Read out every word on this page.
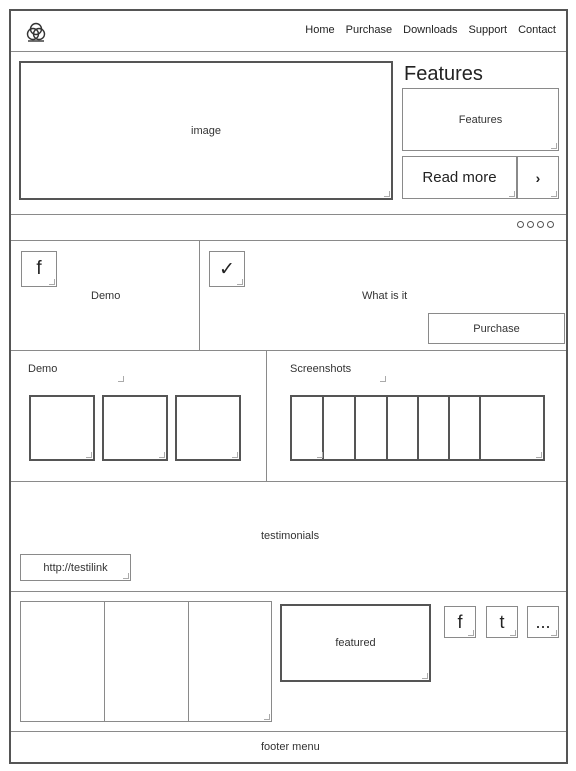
Home Purchase Downloads Support Contact
image
Features
Features
Read more	›
f
Demo
✓
What is it
Purchase
Demo	Screenshots
testimonials
http://testilink
featured
f t ...
footer menu
